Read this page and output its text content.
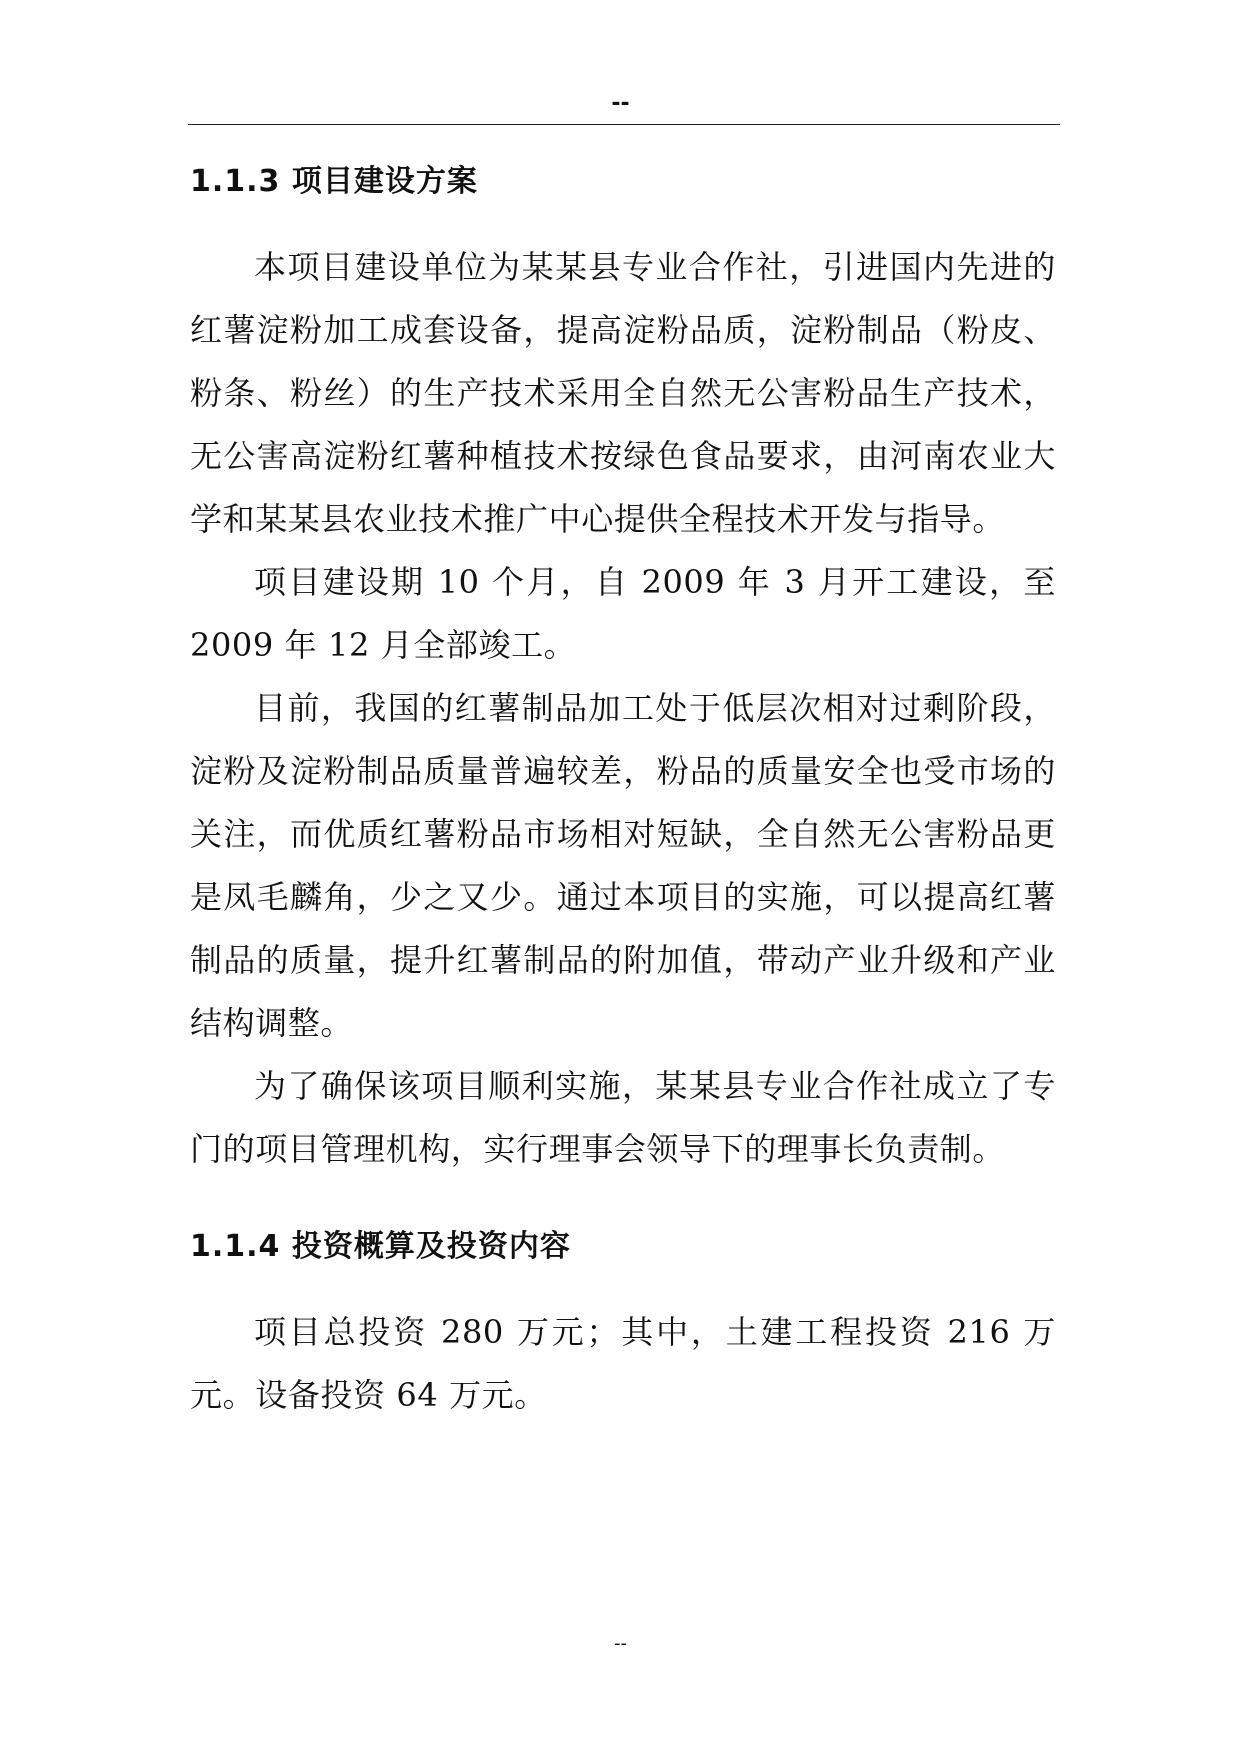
--
1.1.3 项目建设方案

本项目建设单位为某某县专业合作社，引进国内先进的红薯淀粉加工成套设备，提高淀粉品质，淀粉制品（粉皮、粉条、粉丝）的生产技术采用全自然无公害粉品生产技术，无公害高淀粉红薯种植技术按绿色食品要求，由河南农业大学和某某县农业技术推广中心提供全程技术开发与指导。

项目建设期 10 个月，自 2009 年 3 月开工建设，至 2009 年 12 月全部竣工。

目前，我国的红薯制品加工处于低层次相对过剩阶段，淀粉及淀粉制品质量普遍较差，粉品的质量安全也受市场的关注，而优质红薯粉品市场相对短缺，全自然无公害粉品更是凤毛麟角，少之又少。通过本项目的实施，可以提高红薯制品的质量，提升红薯制品的附加值，带动产业升级和产业结构调整。

为了确保该项目顺利实施，某某县专业合作社成立了专门的项目管理机构，实行理事会领导下的理事长负责制。

1.1.4 投资概算及投资内容

项目总投资 280 万元；其中，土建工程投资 216 万元。设备投资 64 万元。

--
